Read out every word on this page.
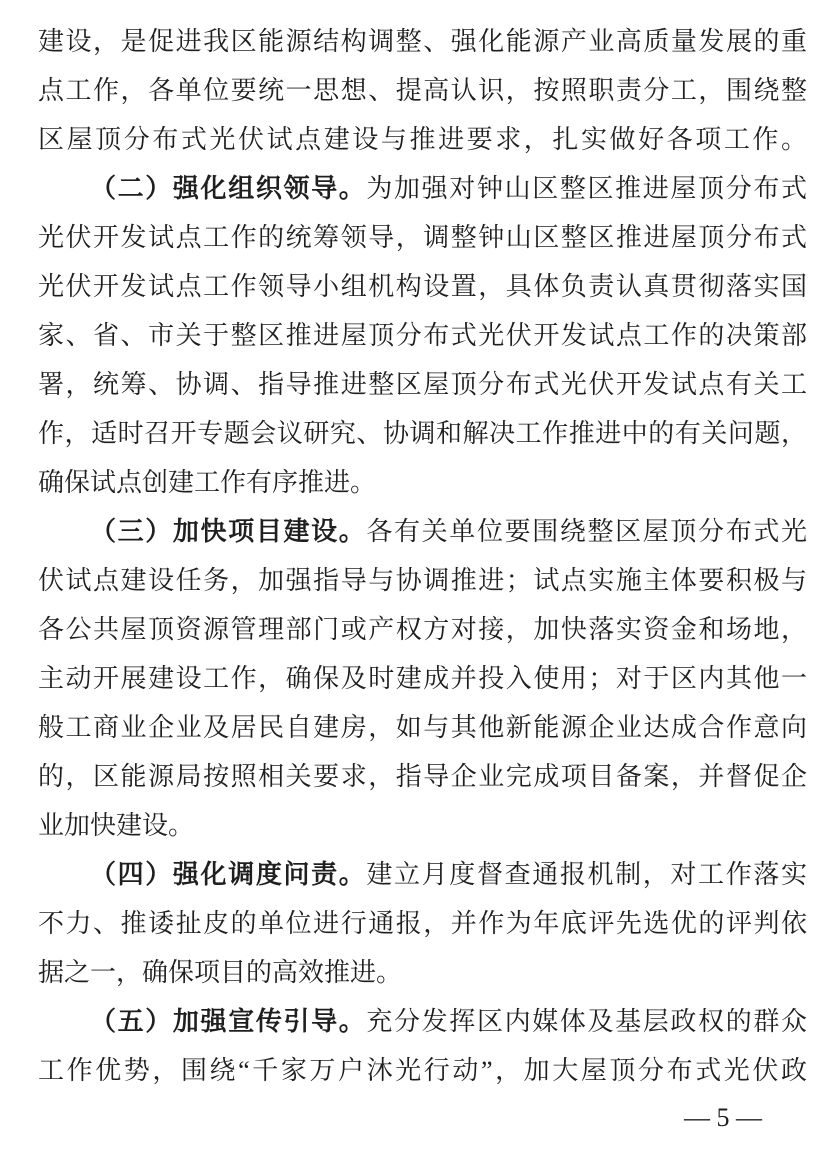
建设，是促进我区能源结构调整、强化能源产业高质量发展的重
点工作，各单位要统一思想、提高认识，按照职责分工，围绕整
区屋顶分布式光伏试点建设与推进要求，扎实做好各项工作。
（二）强化组织领导。为加强对钟山区整区推进屋顶分布式
光伏开发试点工作的统筹领导，调整钟山区整区推进屋顶分布式
光伏开发试点工作领导小组机构设置，具体负责认真贯彻落实国
家、省、市关于整区推进屋顶分布式光伏开发试点工作的决策部
署，统筹、协调、指导推进整区屋顶分布式光伏开发试点有关工
作，适时召开专题会议研究、协调和解决工作推进中的有关问题，
确保试点创建工作有序推进。
（三）加快项目建设。各有关单位要围绕整区屋顶分布式光
伏试点建设任务，加强指导与协调推进；试点实施主体要积极与
各公共屋顶资源管理部门或产权方对接，加快落实资金和场地，
主动开展建设工作，确保及时建成并投入使用；对于区内其他一
般工商业企业及居民自建房，如与其他新能源企业达成合作意向
的，区能源局按照相关要求，指导企业完成项目备案，并督促企
业加快建设。
（四）强化调度问责。建立月度督查通报机制，对工作落实
不力、推诿扯皮的单位进行通报，并作为年底评先选优的评判依
据之一，确保项目的高效推进。
（五）加强宣传引导。充分发挥区内媒体及基层政权的群众
工作优势，围绕“千家万户沐光行动”，加大屋顶分布式光伏政
— 5 —
